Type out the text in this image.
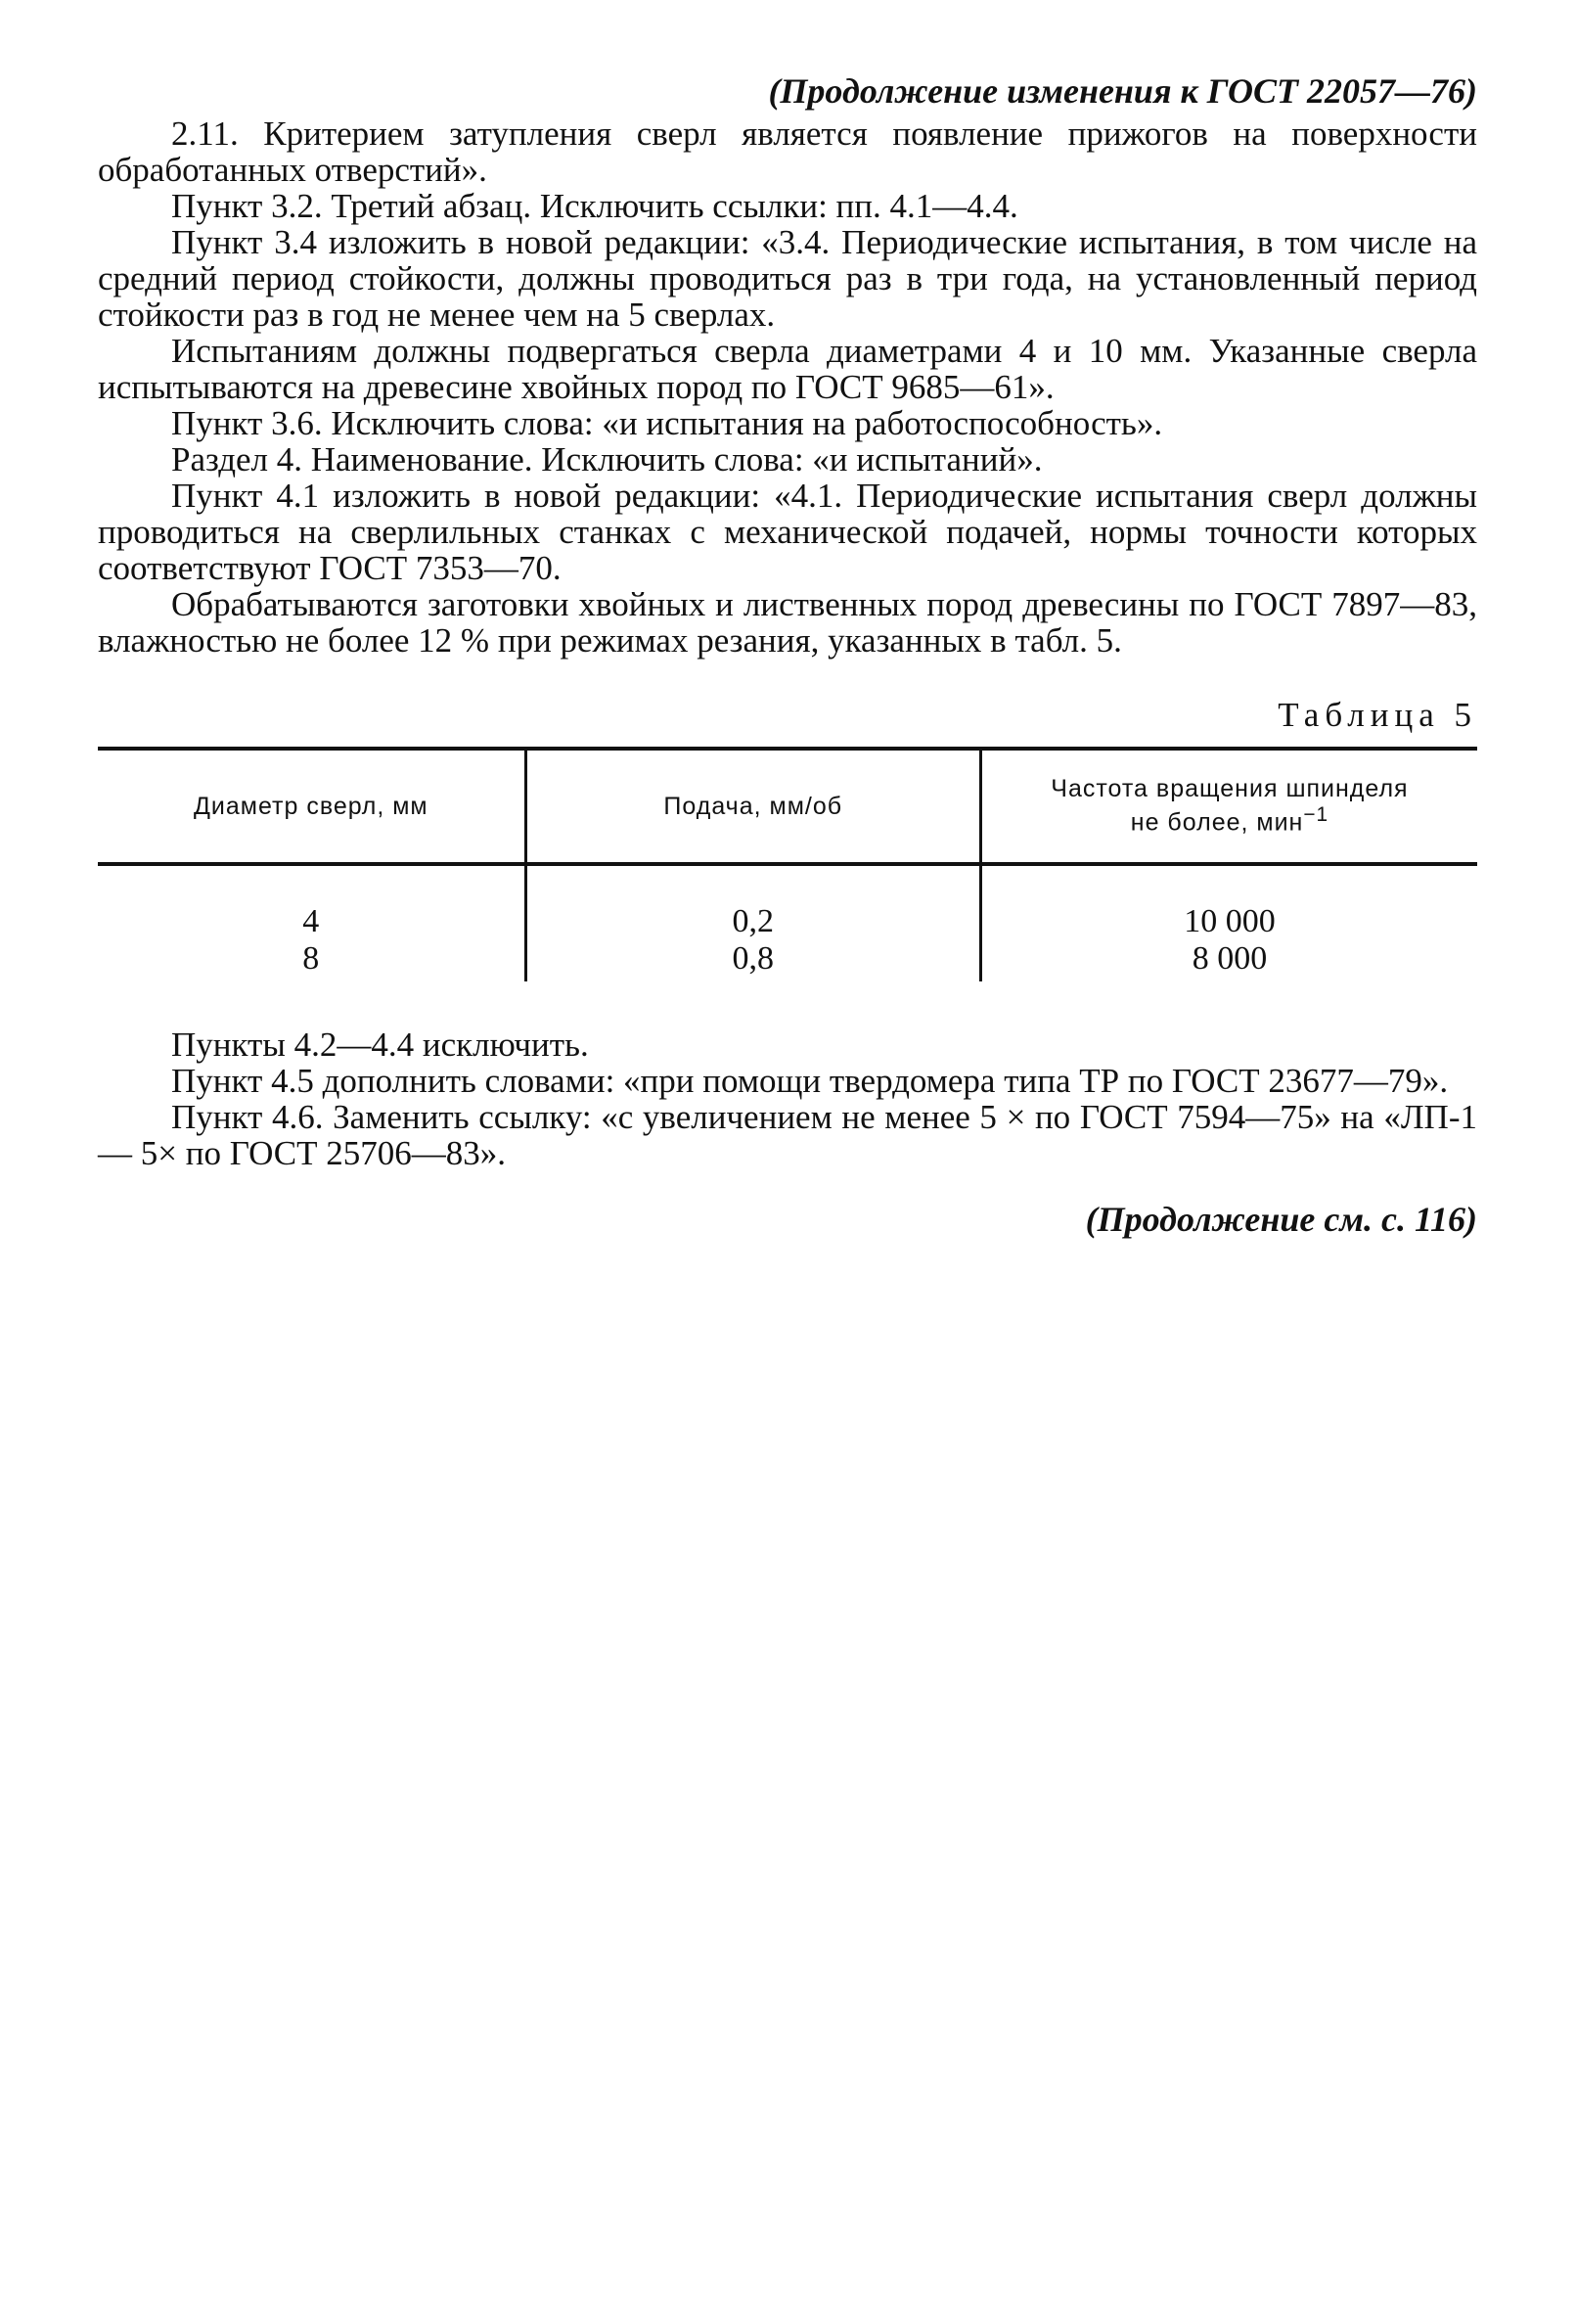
(Продолжение изменения к ГОСТ 22057—76)

2.11. Критерием затупления сверл является появление прижогов на поверхности обработанных отверстий».

Пункт 3.2. Третий абзац. Исключить ссылки: пп. 4.1—4.4.

Пункт 3.4 изложить в новой редакции: «3.4. Периодические испытания, в том числе на средний период стойкости, должны проводиться раз в три года, на установленный период стойкости раз в год не менее чем на 5 сверлах.

Испытаниям должны подвергаться сверла диаметрами 4 и 10 мм. Указанные сверла испытываются на древесине хвойных пород по ГОСТ 9685—61».

Пункт 3.6. Исключить слова: «и испытания на работоспособность».

Раздел 4. Наименование. Исключить слова: «и испытаний».

Пункт 4.1 изложить в новой редакции: «4.1. Периодические испытания сверл должны проводиться на сверлильных станках с механической подачей, нормы точности которых соответствуют ГОСТ 7353—70.

Обрабатываются заготовки хвойных и лиственных пород древесины по ГОСТ 7897—83, влажностью не более 12 % при режимах резания, указанных в табл. 5.

Таблица 5
Диаметр сверл, мм	Подача, мм/об	Частота вращения шпинделя
не более, мин$^{-1}$

4	0,2	10 000
8	0,8	8 000

Пункты 4.2—4.4 исключить.

Пункт 4.5 дополнить словами: «при помощи твердомера типа ТР по ГОСТ 23677—79».

Пункт 4.6. Заменить ссылку: «с увеличением не менее 5 × по ГОСТ 7594—75» на «ЛП-1 — 5× по ГОСТ 25706—83».

(Продолжение см. с. 116)
